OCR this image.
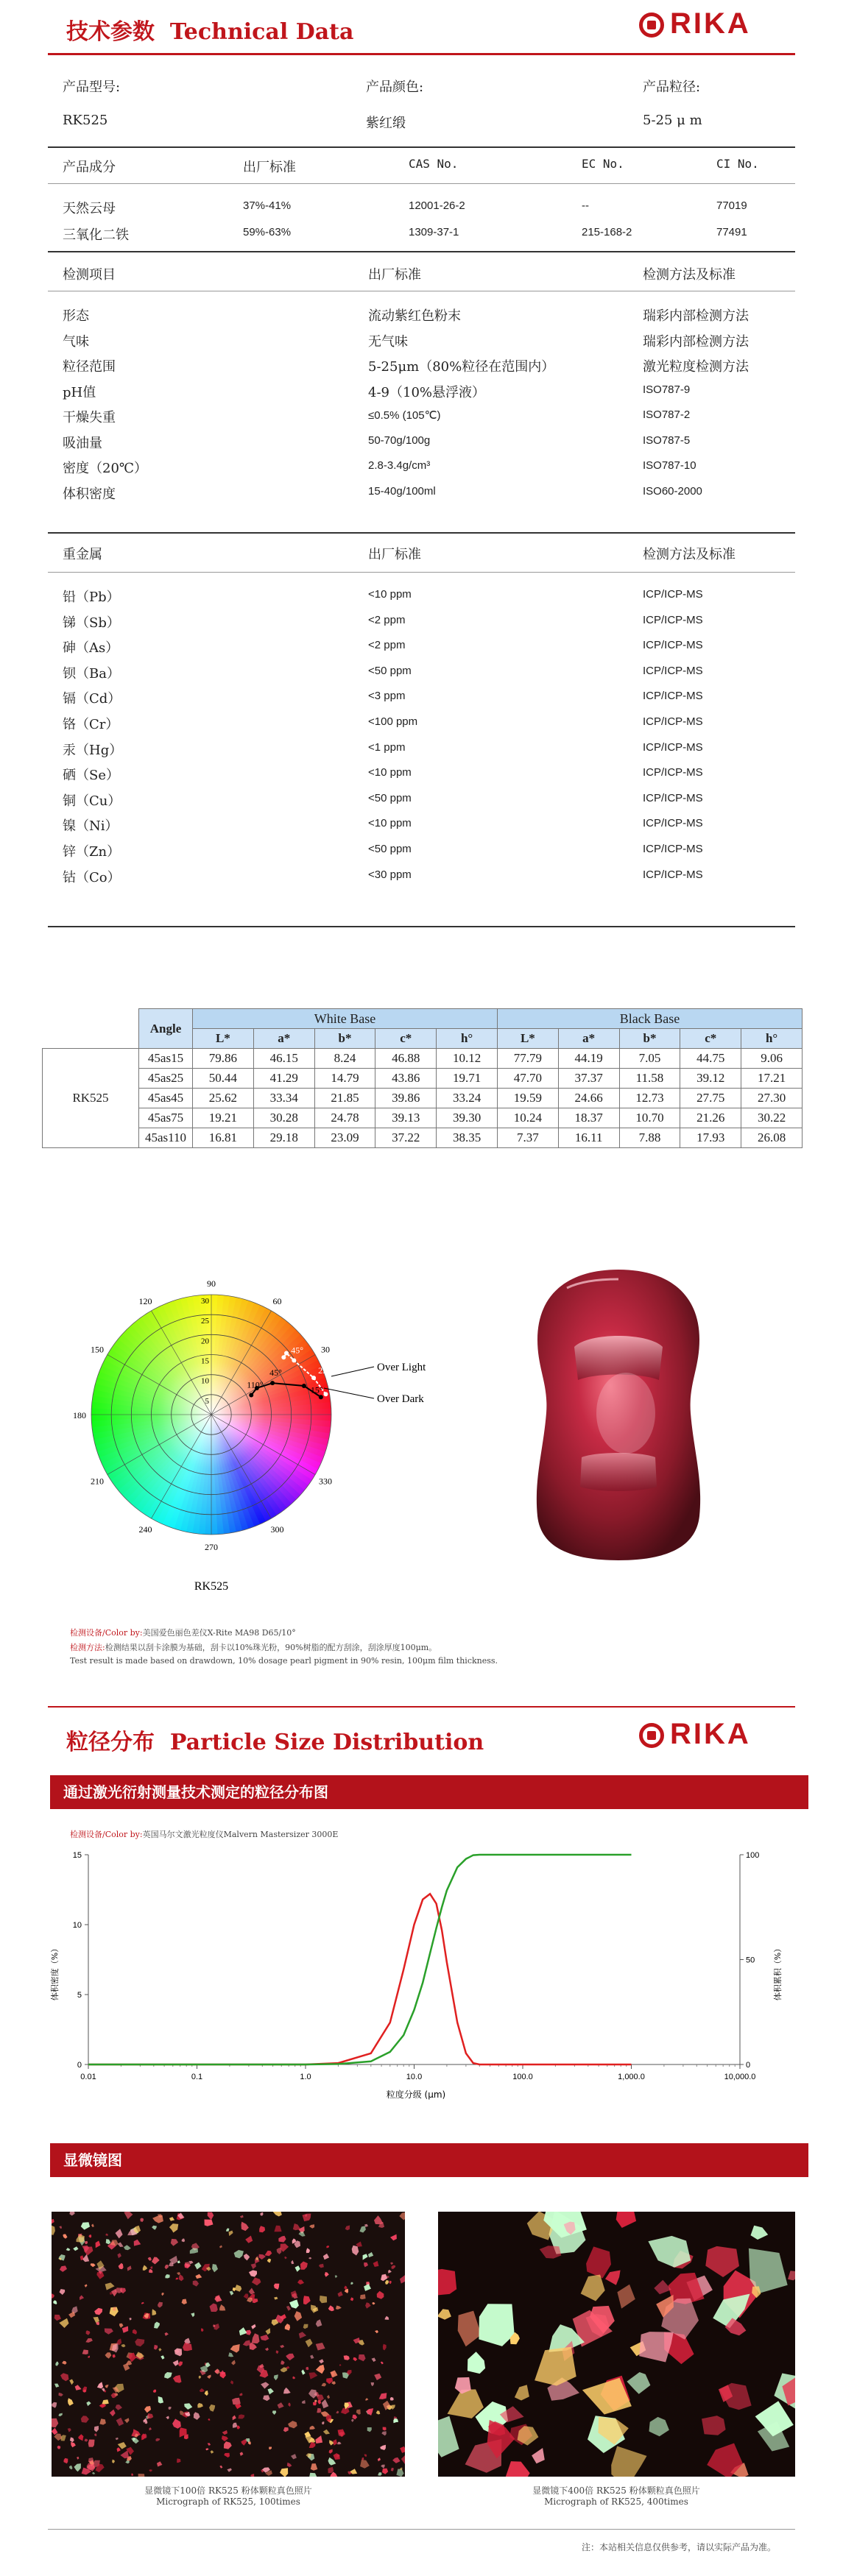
技术参数 Technical Data	RIKA
产品型号:	产品颜色:	产品粒径:
RK525	紫红缎	5-25 μ m
产品成分	出厂标准	CAS No.	EC No.	CI No.
天然云母	37%-41%	12001-26-2	--	77019
三氧化二铁	59%-63%	1309-37-1	215-168-2	77491
检测项目	出厂标准	检测方法及标准
形态	流动紫红色粉末	瑞彩内部检测方法
气味	无气味	瑞彩内部检测方法
粒径范围	5-25μm（80%粒径在范围内）	激光粒度检测方法
pH值	4-9（10%悬浮液）	ISO787-9
干燥失重	≤0.5% (105℃)	ISO787-2
吸油量	50-70g/100g	ISO787-5
密度（20℃）	2.8-3.4g/cm³	ISO787-10
体积密度	15-40g/100ml	ISO60-2000
重金属	出厂标准	检测方法及标准
铅（Pb）	<10 ppm	ICP/ICP-MS
锑（Sb）	<2 ppm	ICP/ICP-MS
砷（As）	<2 ppm	ICP/ICP-MS
钡（Ba）	<50 ppm	ICP/ICP-MS
镉（Cd）	<3 ppm	ICP/ICP-MS
铬（Cr）	<100 ppm	ICP/ICP-MS
汞（Hg）	<1 ppm	ICP/ICP-MS
硒（Se）	<10 ppm	ICP/ICP-MS
铜（Cu）	<50 ppm	ICP/ICP-MS
镍（Ni）	<10 ppm	ICP/ICP-MS
锌（Zn）	<50 ppm	ICP/ICP-MS
钴（Co）	<30 ppm	ICP/ICP-MS
	Angle	White Base					Black Base				
		L*	a*	b*	c*	h°	L*	a*	b*	c*	h°
RK525	45as15	79.86	46.15	8.24	46.88	10.12	77.79	44.19	7.05	44.75	9.06
	45as25	50.44	41.29	14.79	43.86	19.71	47.70	37.37	11.58	39.12	17.21
	45as45	25.62	33.34	21.85	39.86	33.24	19.59	24.66	12.73	27.75	27.30
	45as75	19.21	30.28	24.78	39.13	39.30	10.24	18.37	10.70	21.26	30.22
	45as110	16.81	29.18	23.09	37.22	38.35	7.37	16.11	7.88	17.93	26.08
90
60
30
180
330
300
270
240
210
150
120
5
10
15
20
25
30
15°
25°
45°
15°
45°
110°
Over Light
Over Dark
RK525
检测设备/Color by:美国爱色丽色差仪X-Rite MA98 D65/10°
检测方法:检测结果以刮卡涂膜为基础，刮卡以10%珠光粉，90%树脂的配方刮涂，刮涂厚度100μm。
Test result is made based on drawdown, 10% dosage pearl pigment in 90% resin, 100μm film thickness.
粒径分布 Particle Size Distribution	RIKA
通过激光衍射测量技术测定的粒径分布图
检测设备/Color by:英国马尔文激光粒度仪Malvern Mastersizer 3000E
0.01	0.1	1.0	10.0	100.0	1,000.0	10,000.0
0
5
10
15
0
50
100
体积密度（%）	体积累积（%）
粒度分级 (μm)
显微镜图
显微镜下100倍 RK525 粉体颗粒真色照片
Micrograph of RK525, 100times
显微镜下400倍 RK525 粉体颗粒真色照片
Micrograph of RK525, 400times
注：本站相关信息仅供参考，请以实际产品为准。
